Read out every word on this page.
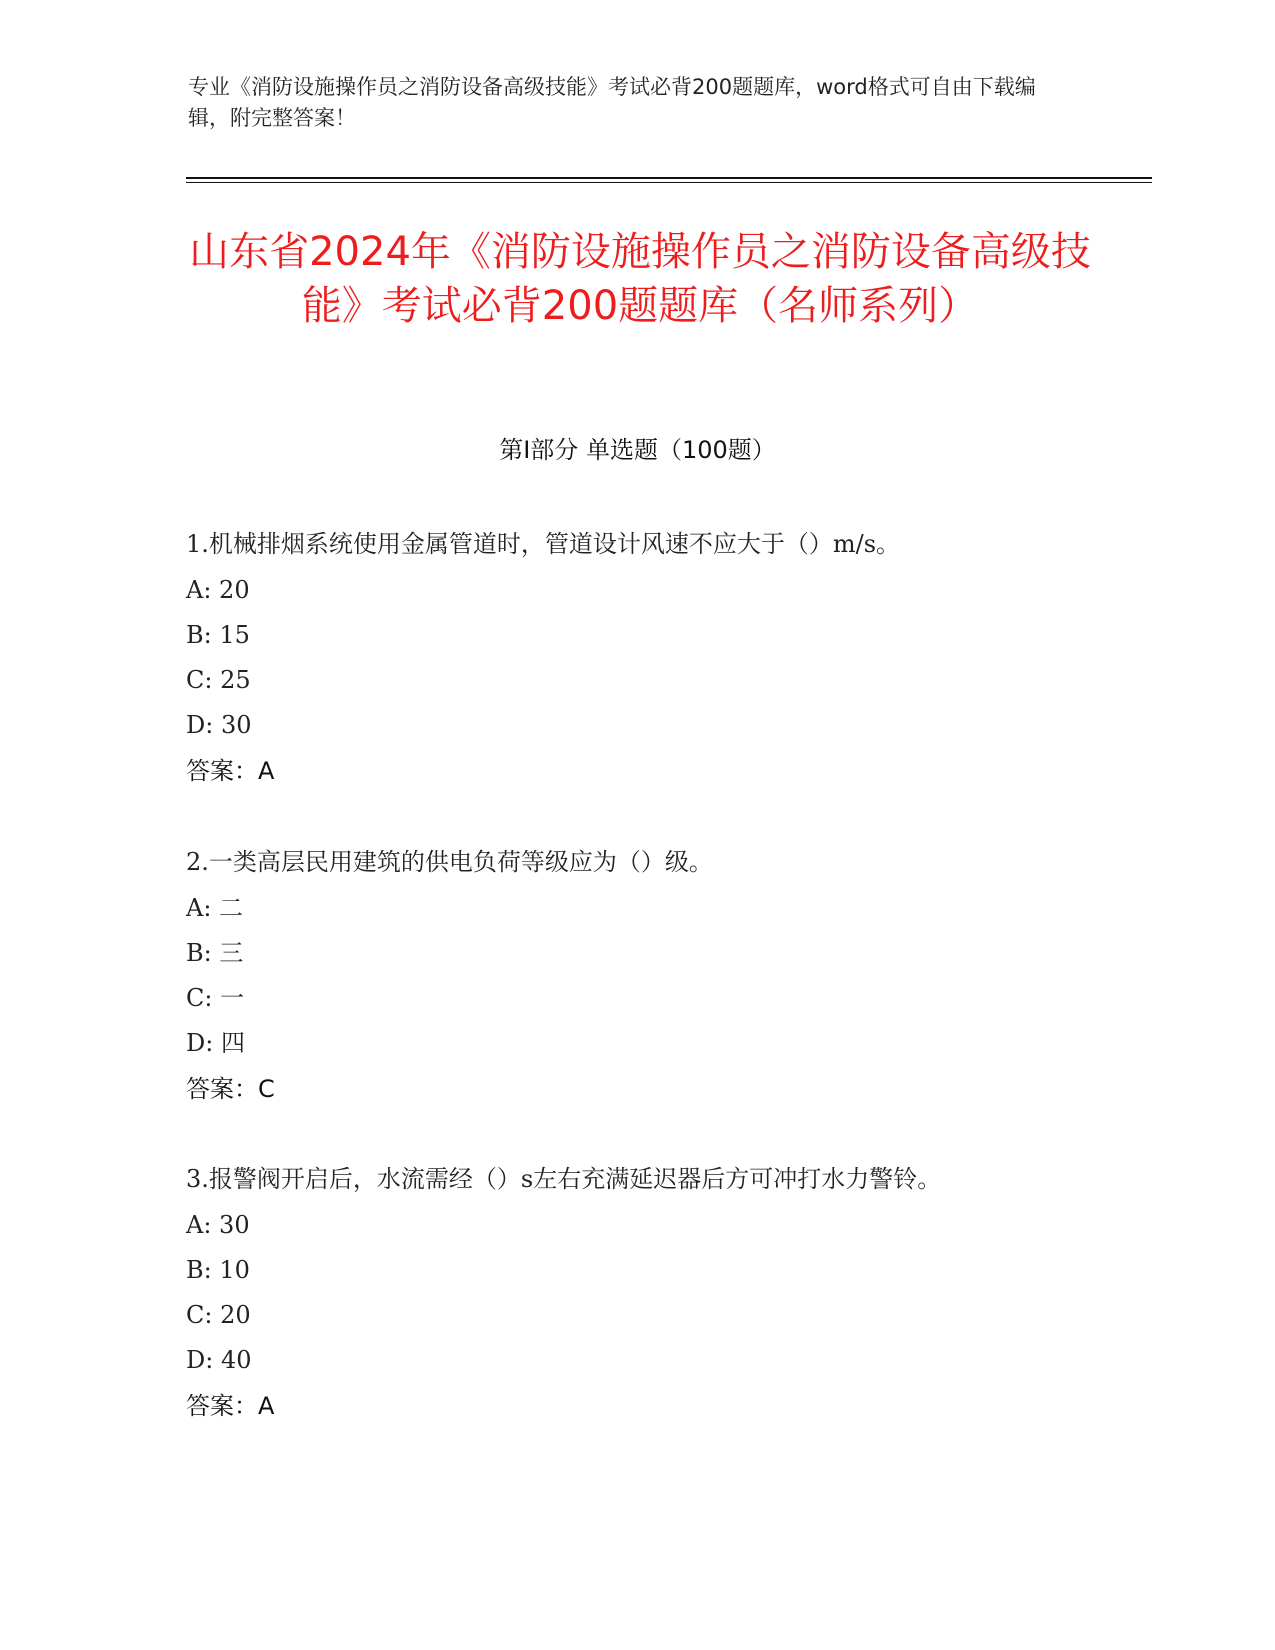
专业《消防设施操作员之消防设备高级技能》考试必背200题题库，word格式可自由下载编辑，附完整答案！
山东省2024年《消防设施操作员之消防设备高级技能》考试必背200题题库（名师系列）
第I部分 单选题（100题）
1.机械排烟系统使用金属管道时，管道设计风速不应大于（）m/s。
A: 20
B: 15
C: 25
D: 30
答案：A
2.一类高层民用建筑的供电负荷等级应为（）级。
A: 二
B: 三
C: 一
D: 四
答案：C
3.报警阀开启后，水流需经（）s左右充满延迟器后方可冲打水力警铃。
A: 30
B: 10
C: 20
D: 40
答案：A
